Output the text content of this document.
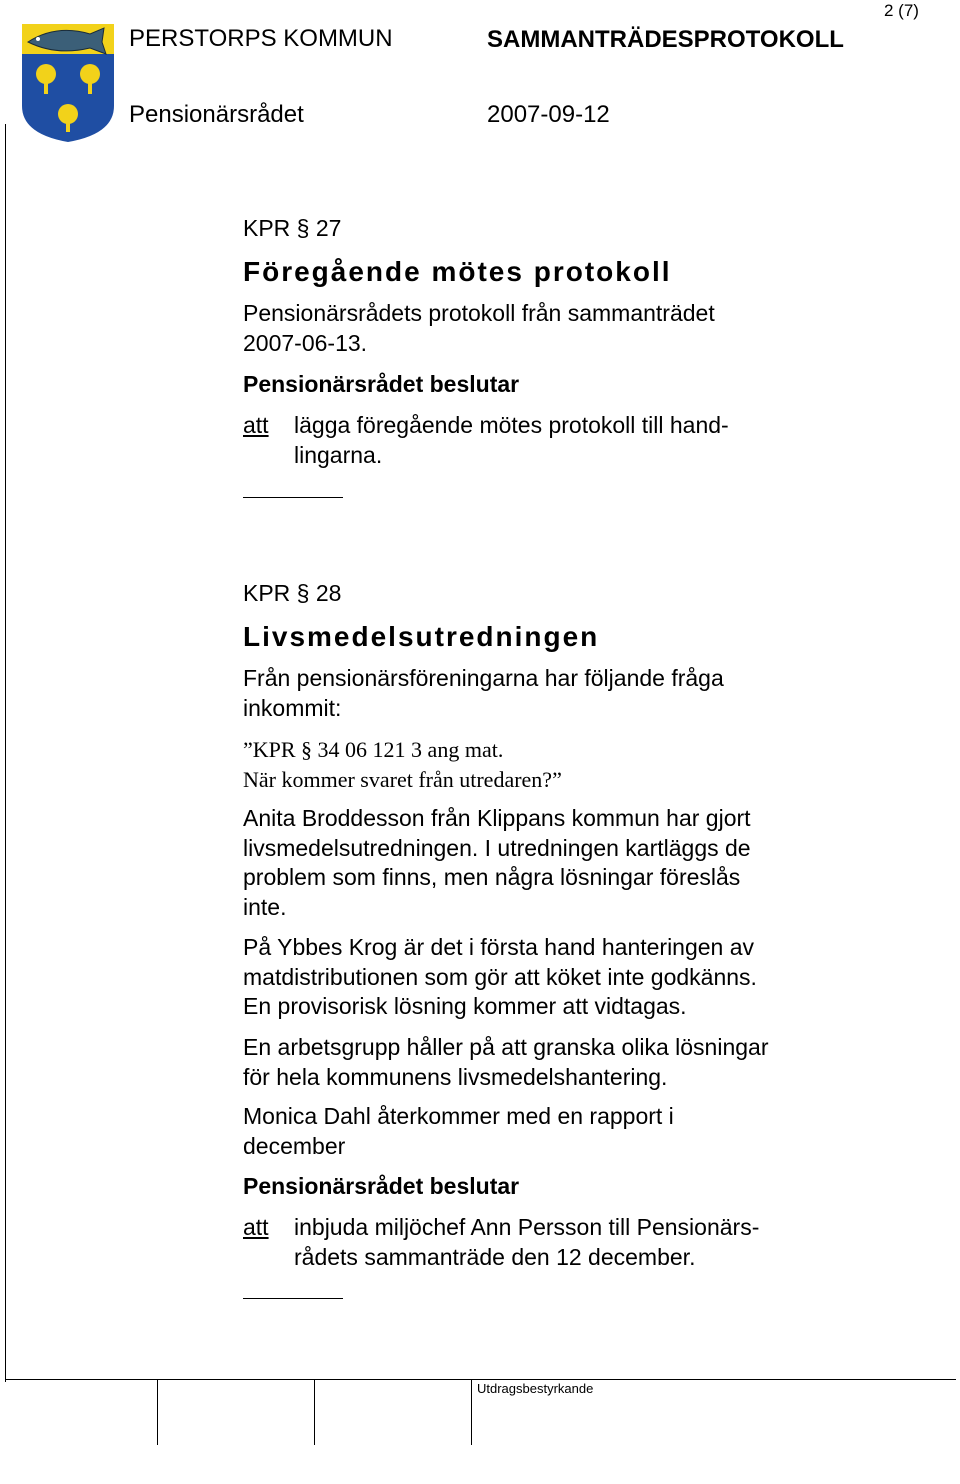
2 (7)
PERSTORPS KOMMUN	SAMMANTRÄDESPROTOKOLL
Pensionärsrådet	2007-09-12
KPR § 27
Föregående mötes protokoll
Pensionärsrådets protokoll från sammanträdet
2007-06-13.
Pensionärsrådet beslutar
att lägga föregående mötes protokoll till hand-
lingarna.
KPR § 28
Livsmedelsutredningen
Från pensionärsföreningarna har följande fråga
inkommit:
”KPR § 34 06 121 3 ang mat.
När kommer svaret från utredaren?”
Anita Broddesson från Klippans kommun har gjort
livsmedelsutredningen. I utredningen kartläggs de
problem som finns, men några lösningar föreslås
inte.
På Ybbes Krog är det i första hand hanteringen av
matdistributionen som gör att köket inte godkänns.
En provisorisk lösning kommer att vidtagas.
En arbetsgrupp håller på att granska olika lösningar
för hela kommunens livsmedelshantering.
Monica Dahl återkommer med en rapport i
december
Pensionärsrådet beslutar
att inbjuda miljöchef Ann Persson till Pensionärs-
rådets sammanträde den 12 december.
Utdragsbestyrkande
